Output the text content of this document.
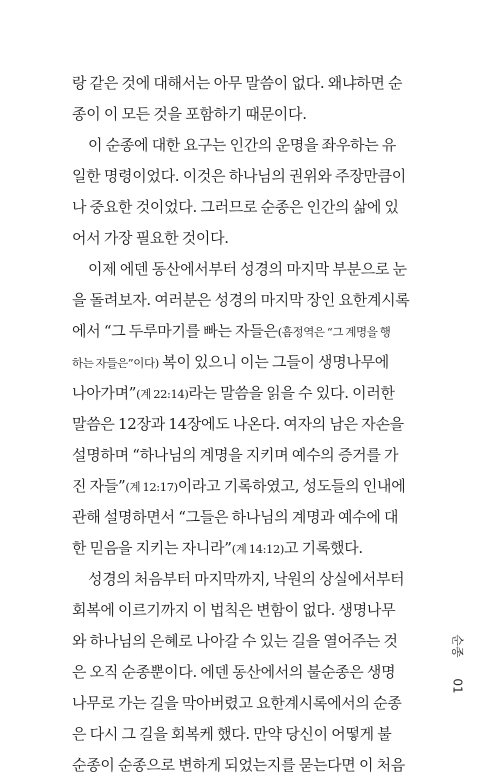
랑 같은 것에 대해서는 아무 말씀이 없다. 왜냐하면 순
종이 이 모든 것을 포함하기 때문이다.
이 순종에 대한 요구는 인간의 운명을 좌우하는 유
일한 명령이었다. 이것은 하나님의 권위와 주장만큼이
나 중요한 것이었다. 그러므로 순종은 인간의 삶에 있
어서 가장 필요한 것이다.
이제 에덴 동산에서부터 성경의 마지막 부분으로 눈
을 돌려보자. 여러분은 성경의 마지막 장인 요한계시록
에서 “그 두루마기를 빠는 자들은(흠정역은 “그 계명을 행
하는 자들은”이다) 복이 있으니 이는 그들이 생명나무에
나아가며”(계 22:14)라는 말씀을 읽을 수 있다. 이러한
말씀은 12장과 14장에도 나온다. 여자의 남은 자손을
설명하며 “하나님의 계명을 지키며 예수의 증거를 가
진 자들”(계 12:17)이라고 기록하였고, 성도들의 인내에
관해 설명하면서 “그들은 하나님의 계명과 예수에 대
한 믿음을 지키는 자니라”(계 14:12)고 기록했다.
성경의 처음부터 마지막까지, 낙원의 상실에서부터
회복에 이르기까지 이 법칙은 변함이 없다. 생명나무
와 하나님의 은혜로 나아갈 수 있는 길을 열어주는 것
은 오직 순종뿐이다. 에덴 동산에서의 불순종은 생명
나무로 가는 길을 막아버렸고 요한계시록에서의 순종
은 다시 그 길을 회복케 했다. 만약 당신이 어떻게 불
순종이 순종으로 변하게 되었는지를 묻는다면 이 처음
순종
01
